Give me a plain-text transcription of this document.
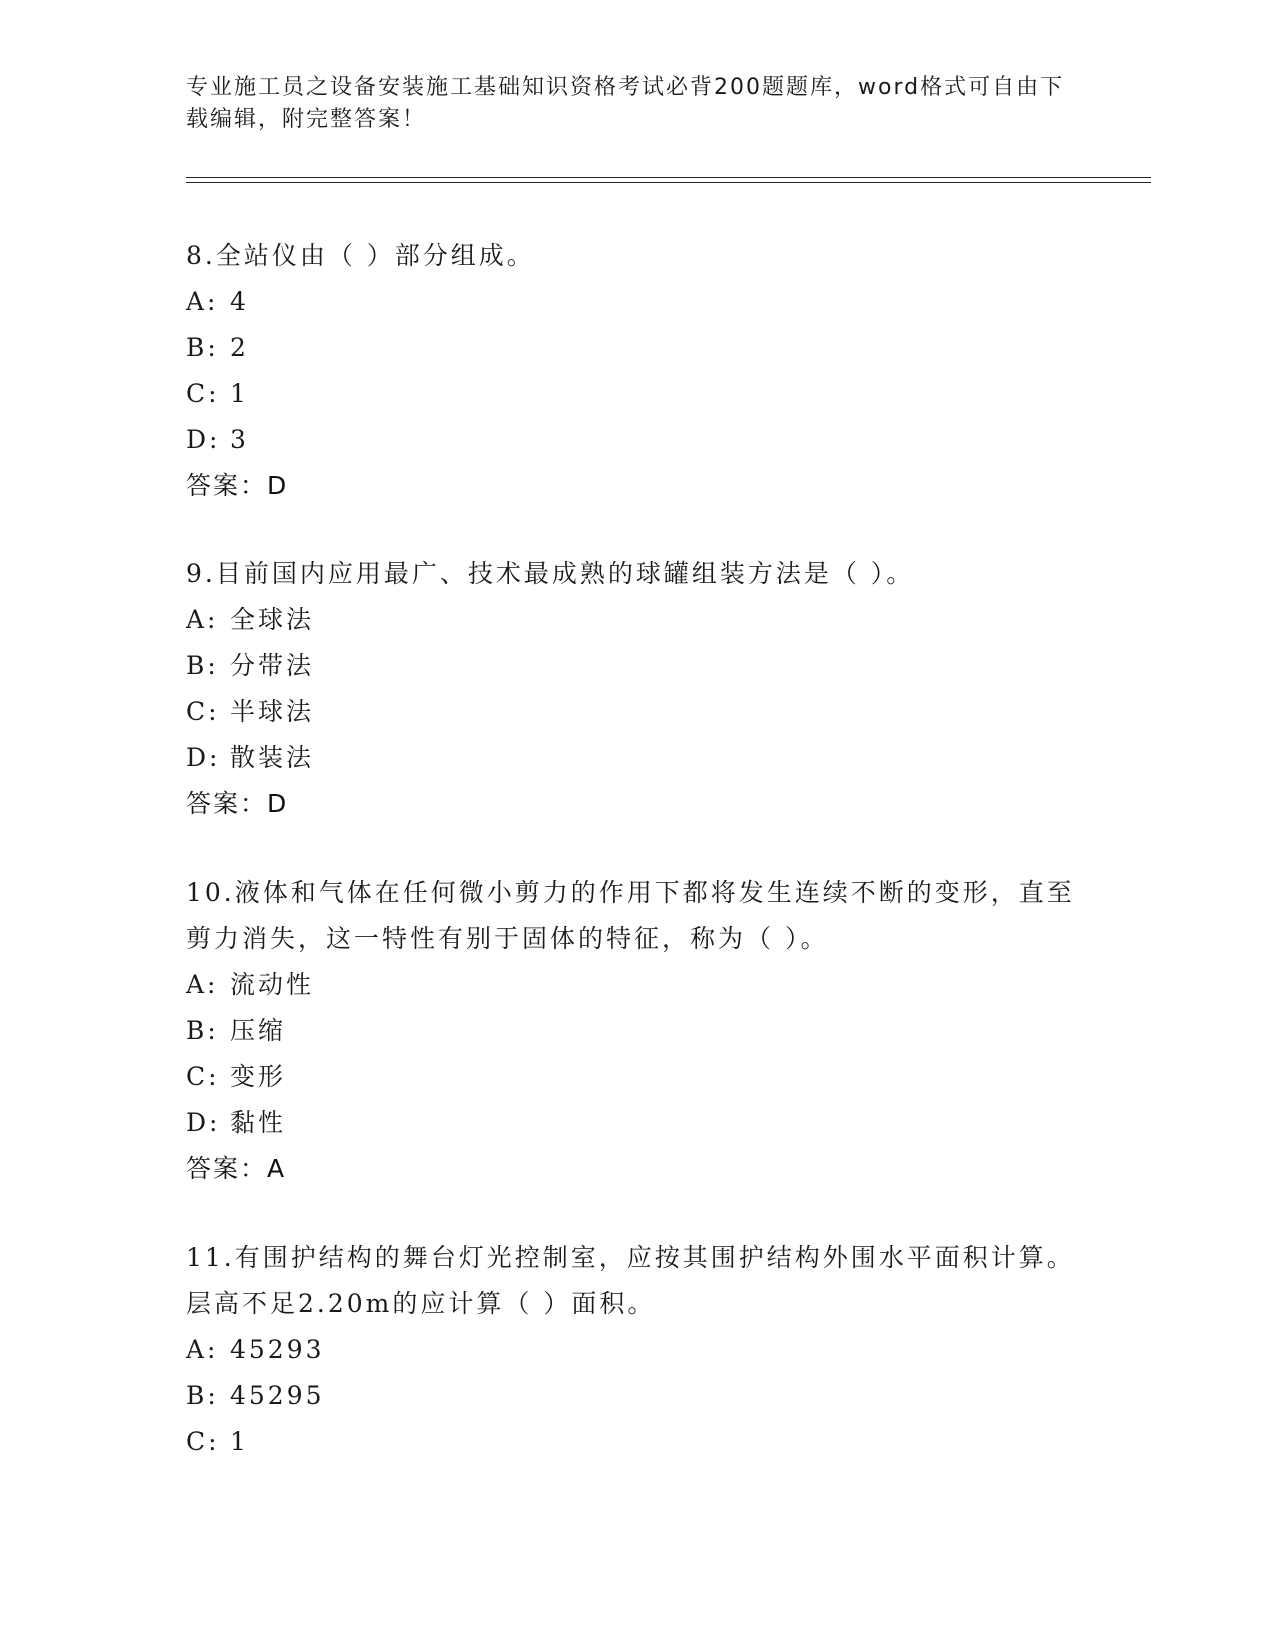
专业施工员之设备安装施工基础知识资格考试必背200题题库，word格式可自由下载编辑，附完整答案！

8.全站仪由（ ）部分组成。

A: 4
B: 2
C: 1
D: 3
答案：D

9.目前国内应用最广、技术最成熟的球罐组装方法是（ ）。

A: 全球法
B: 分带法
C: 半球法
D: 散装法
答案：D

10.液体和气体在任何微小剪力的作用下都将发生连续不断的变形，直至剪力消失，这一特性有别于固体的特征，称为（ ）。

A: 流动性
B: 压缩
C: 变形
D: 黏性
答案：A

11.有围护结构的舞台灯光控制室，应按其围护结构外围水平面积计算。层高不足2.20m的应计算（ ）面积。

A: 45293
B: 45295
C: 1
